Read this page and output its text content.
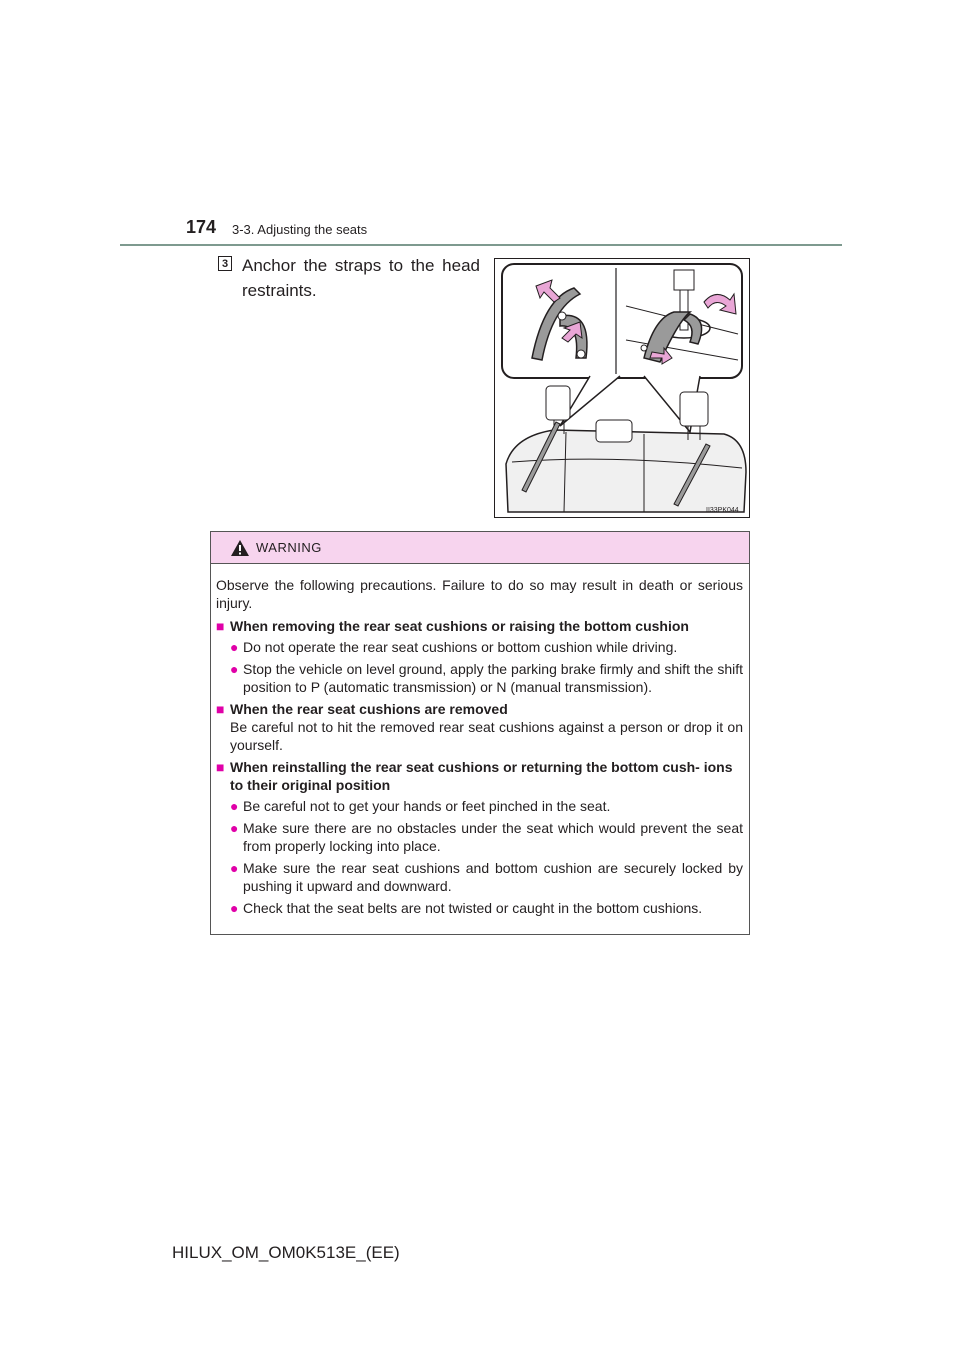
174 3-3. Adjusting the seats
3 Anchor the straps to the head restraints.
II33PK044
WARNING
Observe the following precautions. Failure to do so may result in death or serious injury.
■ When removing the rear seat cushions or raising the bottom cushion
● Do not operate the rear seat cushions or bottom cushion while driving.
● Stop the vehicle on level ground, apply the parking brake firmly and shift the shift position to P (automatic transmission) or N (manual transmission).
■ When the rear seat cushions are removed
Be careful not to hit the removed rear seat cushions against a person or drop it on yourself.
■ When reinstalling the rear seat cushions or returning the bottom cush- ions to their original position
● Be careful not to get your hands or feet pinched in the seat.
● Make sure there are no obstacles under the seat which would prevent the seat from properly locking into place.
● Make sure the rear seat cushions and bottom cushion are securely locked by pushing it upward and downward.
● Check that the seat belts are not twisted or caught in the bottom cushions.
HILUX_OM_OM0K513E_(EE)
